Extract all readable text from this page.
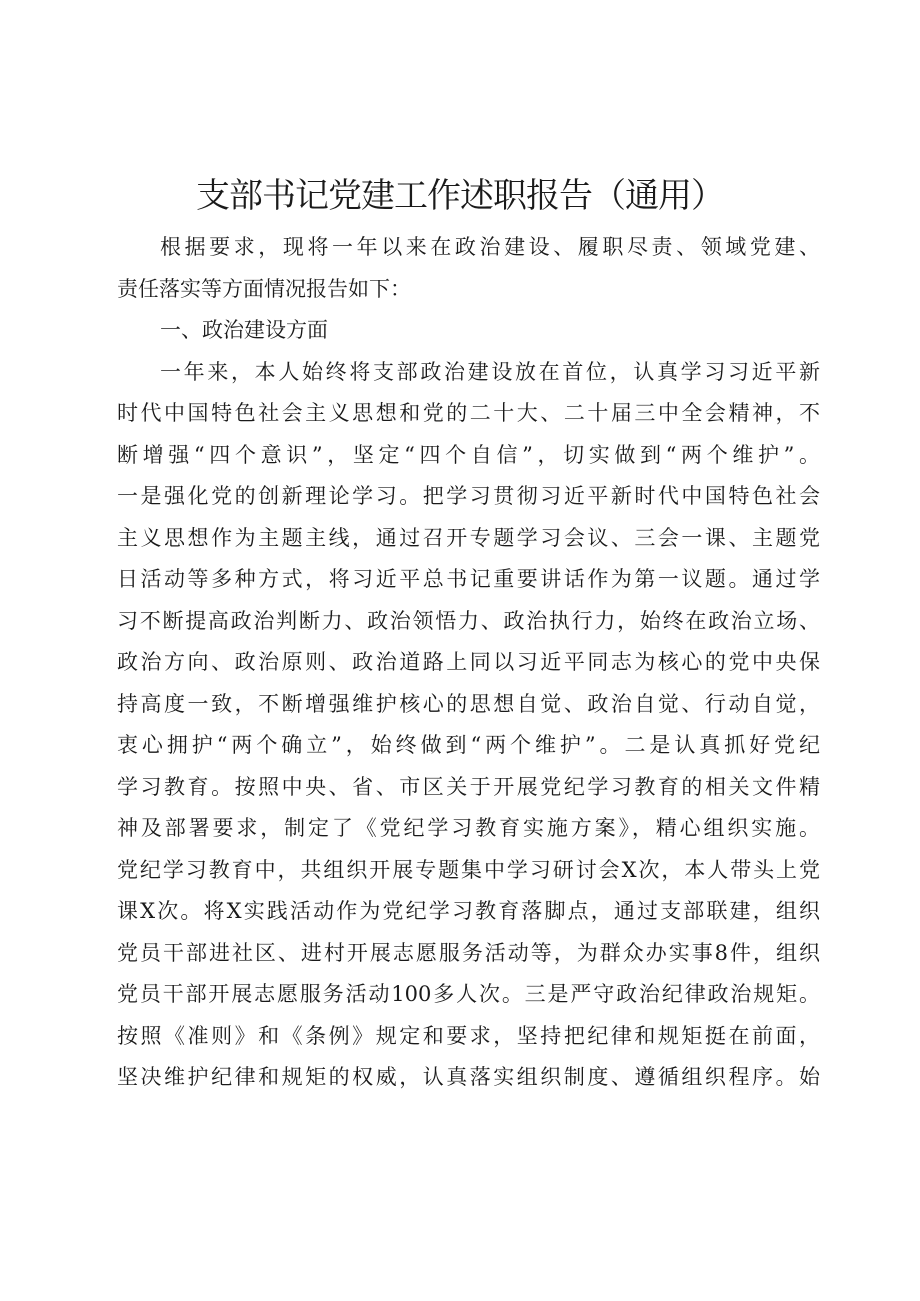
支部书记党建工作述职报告（通用）
根据要求，现将一年以来在政治建设、履职尽责、领域党建、
责任落实等方面情况报告如下：
一、政治建设方面
一年来，本人始终将支部政治建设放在首位，认真学习习近平新
时代中国特色社会主义思想和党的二十大、二十届三中全会精神，不
断增强“四个意识”，坚定“四个自信”，切实做到“两个维护”。
一是强化党的创新理论学习。把学习贯彻习近平新时代中国特色社会
主义思想作为主题主线，通过召开专题学习会议、三会一课、主题党
日活动等多种方式，将习近平总书记重要讲话作为第一议题。通过学
习不断提高政治判断力、政治领悟力、政治执行力，始终在政治立场、
政治方向、政治原则、政治道路上同以习近平同志为核心的党中央保
持高度一致，不断增强维护核心的思想自觉、政治自觉、行动自觉，
衷心拥护“两个确立”，始终做到“两个维护”。二是认真抓好党纪
学习教育。按照中央、省、市区关于开展党纪学习教育的相关文件精
神及部署要求，制定了《党纪学习教育实施方案》，精心组织实施。
党纪学习教育中，共组织开展专题集中学习研讨会X次，本人带头上党
课X次。将X实践活动作为党纪学习教育落脚点，通过支部联建，组织
党员干部进社区、进村开展志愿服务活动等，为群众办实事8件，组织
党员干部开展志愿服务活动100多人次。三是严守政治纪律政治规矩。
按照《准则》和《条例》规定和要求，坚持把纪律和规矩挺在前面，
坚决维护纪律和规矩的权威，认真落实组织制度、遵循组织程序。始
